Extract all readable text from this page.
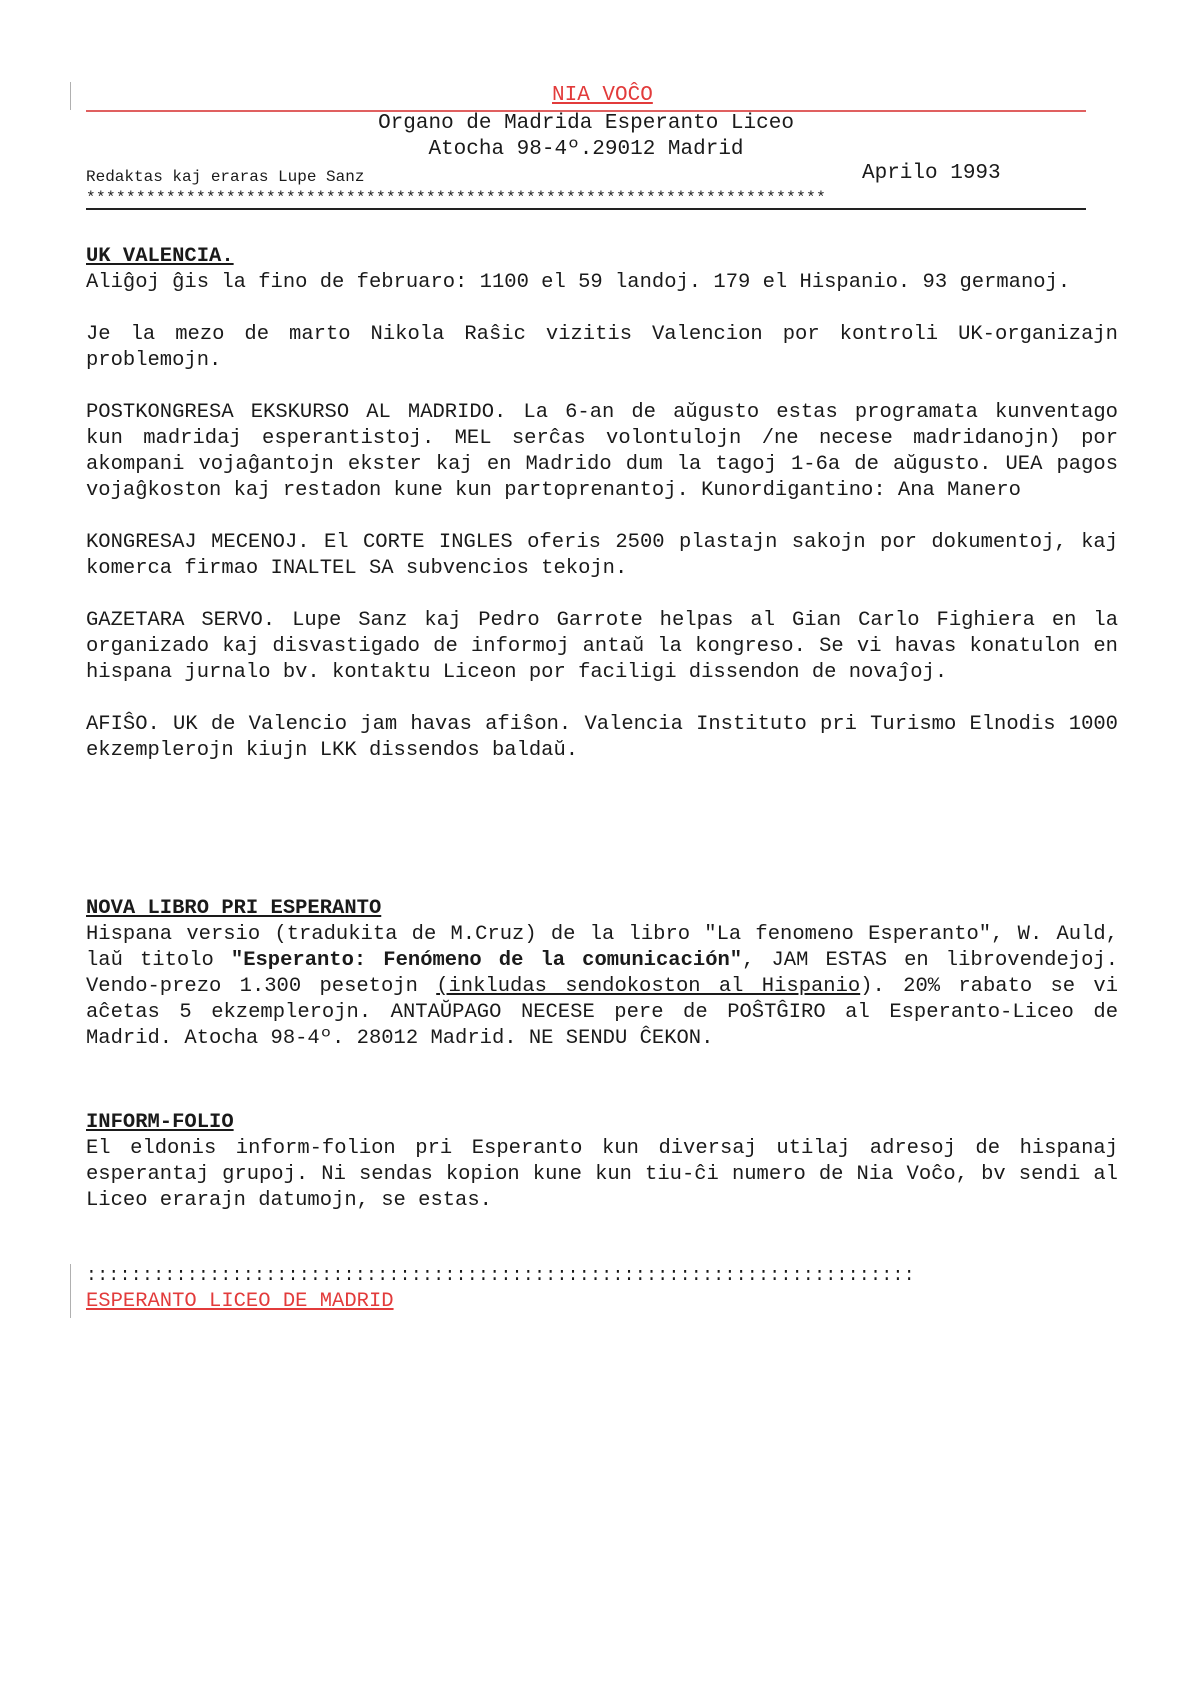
NIA VOĈO
Organo de Madrida Esperanto Liceo
Atocha 98-4º.29012 Madrid
Redaktas kaj eraras Lupe Sanz	Aprilo 1993
**************************************************************************
UK VALENCIA.

Aliĝoj ĝis la fino de februaro: 1100 el 59 landoj. 179 el Hispanio. 93 germanoj.

Je la mezo de marto Nikola Raŝic vizitis Valencion por kontroli UK-organizajn problemojn.

POSTKONGRESA EKSKURSO AL MADRIDO. La 6-an de aŭgusto estas programata kunventago kun madridaj esperantistoj. MEL serĉas volontulojn /ne necese madridanojn) por akompani vojaĝantojn ekster kaj en Madrido dum la tagoj 1-6a de aŭgusto. UEA pagos vojaĝkoston kaj restadon kune kun partoprenantoj. Kunordigantino: Ana Manero

KONGRESAJ MECENOJ. El CORTE INGLES oferis 2500 plastajn sakojn por dokumentoj, kaj komerca firmao INALTEL SA subvencios tekojn.

GAZETARA SERVO. Lupe Sanz kaj Pedro Garrote helpas al Gian Carlo Fighiera en la organizado kaj disvastigado de informoj antaŭ la kongreso. Se vi havas konatulon en hispana jurnalo bv. kontaktu Liceon por faciligi dissendon de novaĵoj.

AFIŜO. UK de Valencio jam havas afiŝon. Valencia Instituto pri Turismo Elnodis 1000 ekzemplerojn kiujn LKK dissendos baldaŭ.

NOVA LIBRO PRI ESPERANTO

Hispana versio (tradukita de M.Cruz) de la libro "La fenomeno Esperanto", W. Auld, laŭ titolo "Esperanto: Fenómeno de la comunicación", JAM ESTAS en librovendejoj. Vendo-prezo 1.300 pesetojn (inkludas sendokoston al Hispanio). 20% rabato se vi aĉetas 5 ekzemplerojn. ANTAŬPAGO NECESE pere de POŜTĜIRO al Esperanto-Liceo de Madrid. Atocha 98-4º. 28012 Madrid. NE SENDU ĈEKON.

INFORM-FOLIO

El eldonis inform-folion pri Esperanto kun diversaj utilaj adresoj de hispanaj esperantaj grupoj. Ni sendas kopion kune kun tiu-ĉi numero de Nia Voĉo, bv sendi al Liceo erarajn datumojn, se estas.

::::::::::::::::::::::::::::::::::::::::::::::::::::::::::::::::::::::::::
ESPERANTO LICEO DE MADRID
